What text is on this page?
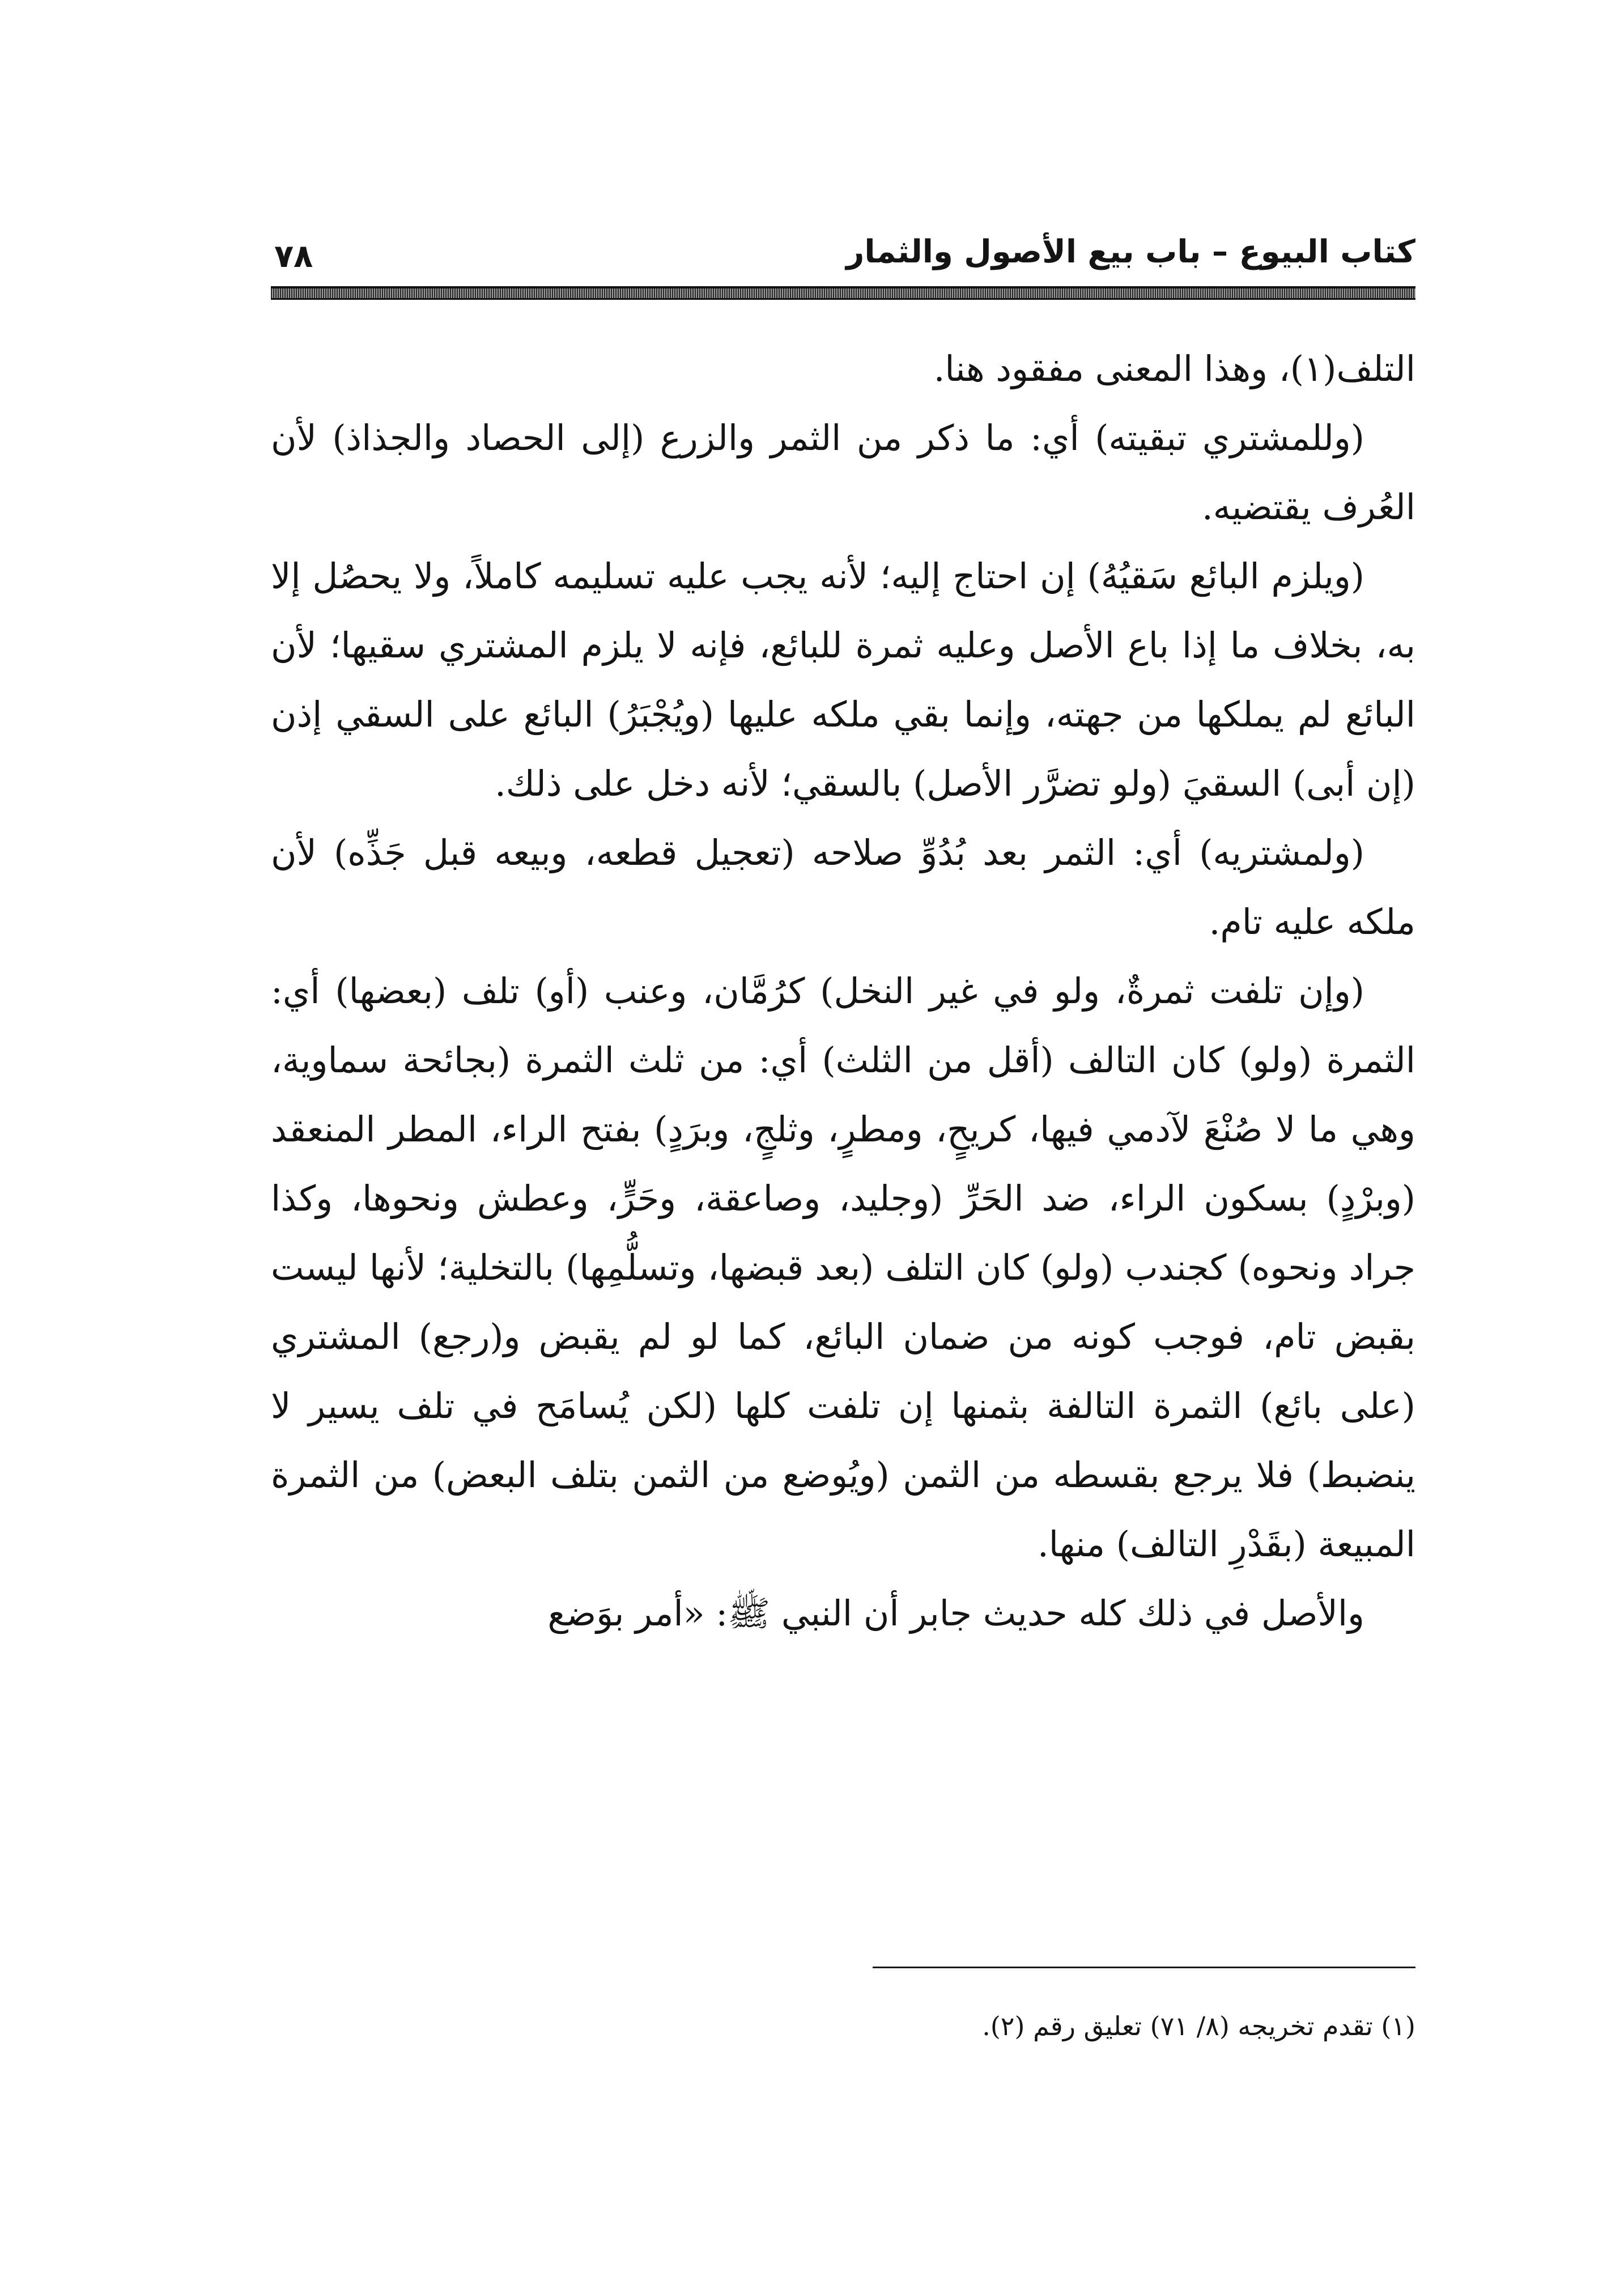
كتاب البيوع – باب بيع الأصول والثمار
٧٨

التلف(١)، وهذا المعنى مفقود هنا.

(وللمشتري تبقيته) أي: ما ذكر من الثمر والزرع (إلى الحصاد والجذاذ) لأن العُرف يقتضيه.

(ويلزم البائع سَقيُهُ) إن احتاج إليه؛ لأنه يجب عليه تسليمه كاملاً، ولا يحصُل إلا به، بخلاف ما إذا باع الأصل وعليه ثمرة للبائع، فإنه لا يلزم المشتري سقيها؛ لأن البائع لم يملكها من جهته، وإنما بقي ملكه عليها (ويُجْبَرُ) البائع على السقي إذن (إن أبى) السقيَ (ولو تضرَّر الأصل) بالسقي؛ لأنه دخل على ذلك.

(ولمشتريه) أي: الثمر بعد بُدُوِّ صلاحه (تعجيل قطعه، وبيعه قبل جَذِّه) لأن ملكه عليه تام.

(وإن تلفت ثمرةٌ، ولو في غير النخل) كرُمَّان، وعنب (أو) تلف (بعضها) أي: الثمرة (ولو) كان التالف (أقل من الثلث) أي: من ثلث الثمرة (بجائحة سماوية، وهي ما لا صُنْعَ لآدمي فيها، كريحٍ، ومطرٍ، وثلجٍ، وبرَدٍ) بفتح الراء، المطر المنعقد (وبرْدٍ) بسكون الراء، ضد الحَرِّ (وجليد، وصاعقة، وحَرٍّ، وعطش ونحوها، وكذا جراد ونحوه) كجندب (ولو) كان التلف (بعد قبضها، وتسلُّمِها) بالتخلية؛ لأنها ليست بقبض تام، فوجب كونه من ضمان البائع، كما لو لم يقبض و(رجع) المشتري (على بائع) الثمرة التالفة بثمنها إن تلفت كلها (لكن يُسامَح في تلف يسير لا ينضبط) فلا يرجع بقسطه من الثمن (ويُوضع من الثمن بتلف البعض) من الثمرة المبيعة (بقَدْرِ التالف) منها.

والأصل في ذلك كله حديث جابر أن النبي ﷺ: «أمر بوَضع

(١) تقدم تخريجه (٨/ ٧١) تعليق رقم (٢).
